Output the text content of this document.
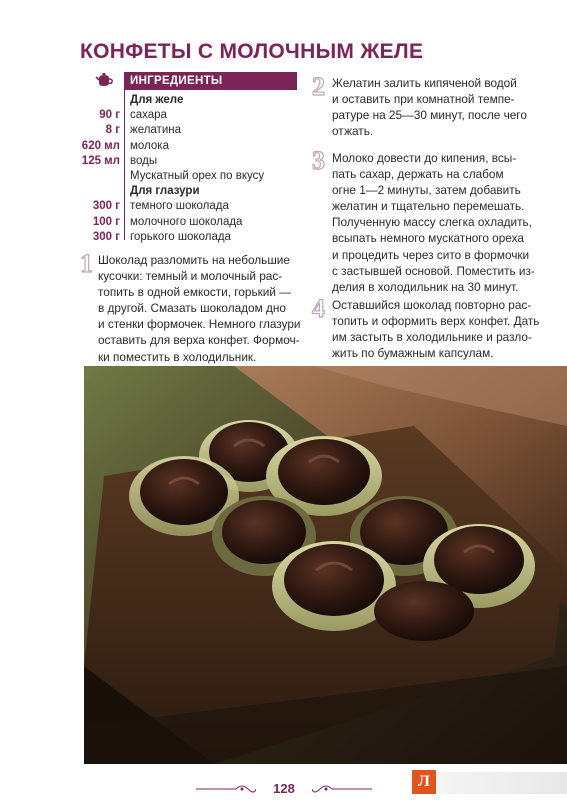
КОНФЕТЫ С МОЛОЧНЫМ ЖЕЛЕ
ИНГРЕДИЕНТЫ
Для желе
90 г сахара
8 г желатина
620 мл молока
125 мл воды
Мускатный орех по вкусу
Для глазури
300 г темного шоколада
100 г молочного шоколада
300 г горького шоколада
1 Шоколад разломить на небольшие
кусочки: темный и молочный рас-
топить в одной емкости, горький —
в другой. Смазать шоколадом дно
и стенки формочек. Немного глазури
оставить для верха конфет. Формоч-
ки поместить в холодильник.
2 Желатин залить кипяченой водой
и оставить при комнатной темпе-
ратуре на 25—30 минут, после чего
отжать.
3 Молоко довести до кипения, всы-
пать сахар, держать на слабом
огне 1—2 минуты, затем добавить
желатин и тщательно перемешать.
Полученную массу слегка охладить,
всыпать немного мускатного ореха
и процедить через сито в формочки
с застывшей основой. Поместить из-
делия в холодильник на 30 минут.
4 Оставшийся шоколад повторно рас-
топить и оформить верх конфет. Дать
им застыть в холодильнике и разло-
жить по бумажным капсулам.
128	Л
